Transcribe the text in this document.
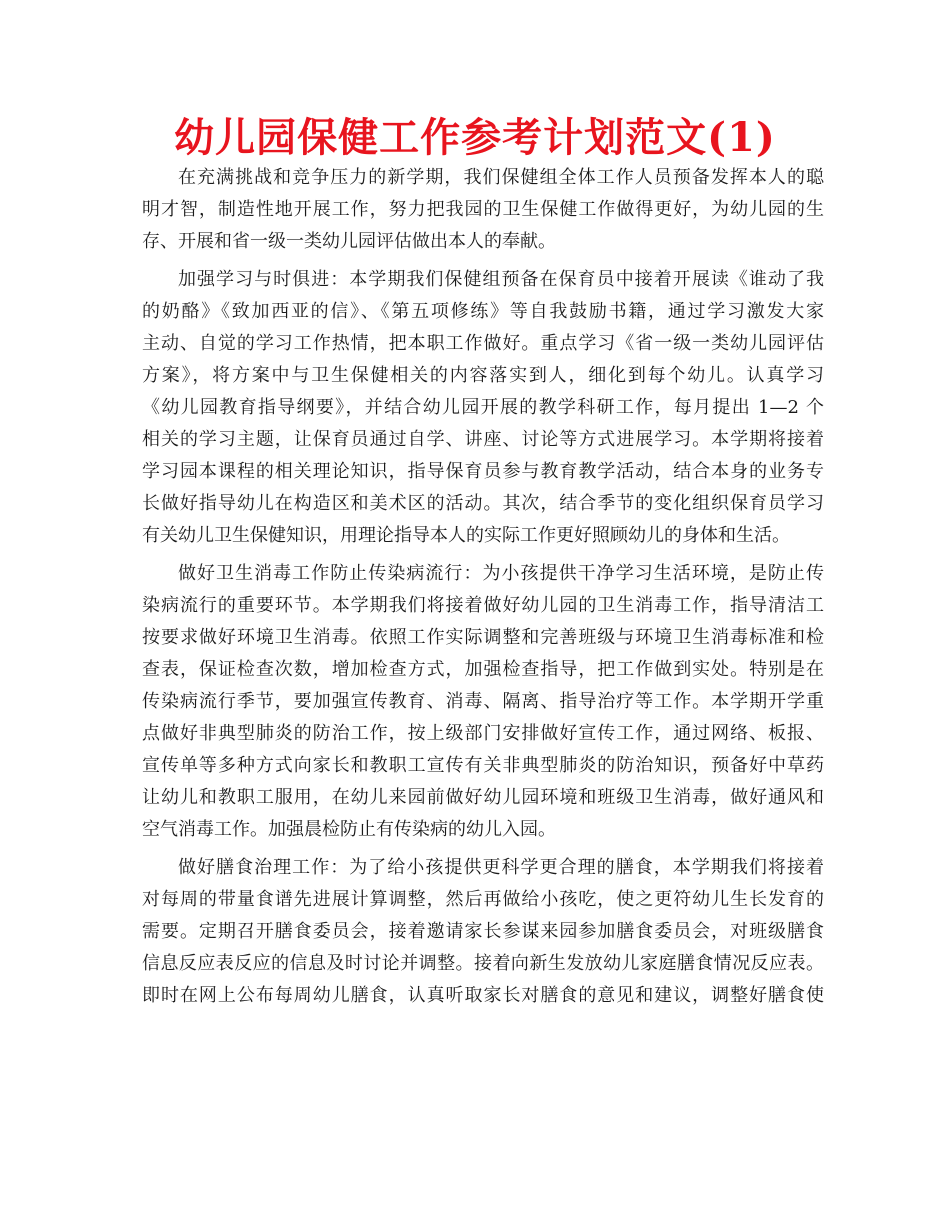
幼儿园保健工作参考计划范文(1)
在充满挑战和竞争压力的新学期，我们保健组全体工作人员预备发挥本人的聪
明才智，制造性地开展工作，努力把我园的卫生保健工作做得更好，为幼儿园的生
存、开展和省一级一类幼儿园评估做出本人的奉献。
加强学习与时俱进：本学期我们保健组预备在保育员中接着开展读《谁动了我
的奶酪》《致加西亚的信》、《第五项修练》等自我鼓励书籍，通过学习激发大家
主动、自觉的学习工作热情，把本职工作做好。重点学习《省一级一类幼儿园评估
方案》，将方案中与卫生保健相关的内容落实到人，细化到每个幼儿。认真学习
《幼儿园教育指导纲要》，并结合幼儿园开展的教学科研工作，每月提出 1—2 个
相关的学习主题，让保育员通过自学、讲座、讨论等方式进展学习。本学期将接着
学习园本课程的相关理论知识，指导保育员参与教育教学活动，结合本身的业务专
长做好指导幼儿在构造区和美术区的活动。其次，结合季节的变化组织保育员学习
有关幼儿卫生保健知识，用理论指导本人的实际工作更好照顾幼儿的身体和生活。
做好卫生消毒工作防止传染病流行：为小孩提供干净学习生活环境，是防止传
染病流行的重要环节。本学期我们将接着做好幼儿园的卫生消毒工作，指导清洁工
按要求做好环境卫生消毒。依照工作实际调整和完善班级与环境卫生消毒标准和检
查表，保证检查次数，增加检查方式，加强检查指导，把工作做到实处。特别是在
传染病流行季节，要加强宣传教育、消毒、隔离、指导治疗等工作。本学期开学重
点做好非典型肺炎的防治工作，按上级部门安排做好宣传工作，通过网络、板报、
宣传单等多种方式向家长和教职工宣传有关非典型肺炎的防治知识，预备好中草药
让幼儿和教职工服用，在幼儿来园前做好幼儿园环境和班级卫生消毒，做好通风和
空气消毒工作。加强晨检防止有传染病的幼儿入园。
做好膳食治理工作：为了给小孩提供更科学更合理的膳食，本学期我们将接着
对每周的带量食谱先进展计算调整，然后再做给小孩吃，使之更符幼儿生长发育的
需要。定期召开膳食委员会，接着邀请家长参谋来园参加膳食委员会，对班级膳食
信息反应表反应的信息及时讨论并调整。接着向新生发放幼儿家庭膳食情况反应表。
即时在网上公布每周幼儿膳食，认真听取家长对膳食的意见和建议，调整好膳食使
